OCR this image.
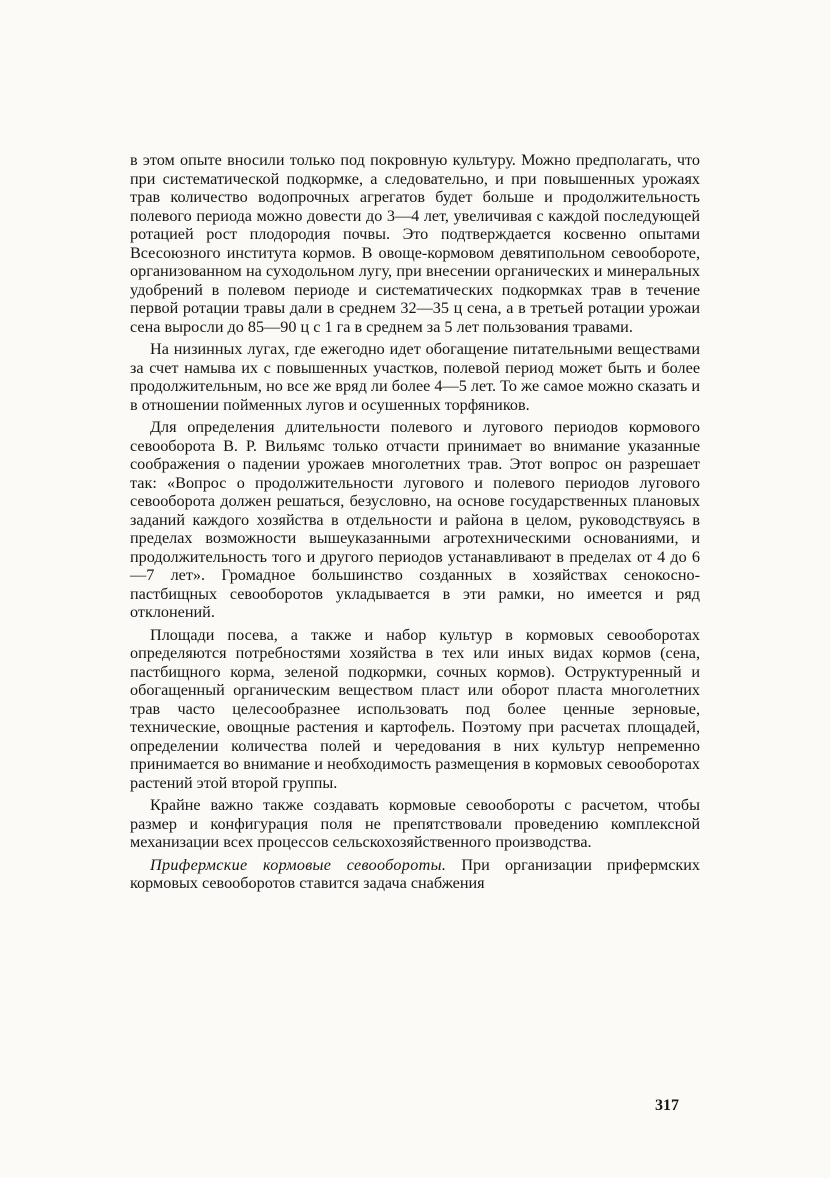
в этом опыте вносили только под покровную культуру. Можно предполагать, что при систематической подкормке, а следовательно, и при повышенных урожаях трав количество водопрочных агрегатов будет больше и продолжительность полевого периода можно довести до 3—4 лет, увеличивая с каждой последующей ротацией рост плодородия почвы. Это подтверждается косвенно опытами Всесоюзного института кормов. В овоще-кормовом девятипольном севообороте, организованном на суходольном лугу, при внесении органических и минеральных удобрений в полевом периоде и систематических подкормках трав в течение первой ротации травы дали в среднем 32—35 ц сена, а в третьей ротации урожаи сена выросли до 85—90 ц с 1 га в среднем за 5 лет пользования травами.

На низинных лугах, где ежегодно идет обогащение питательными веществами за счет намыва их с повышенных участков, полевой период может быть и более продолжительным, но все же вряд ли более 4—5 лет. То же самое можно сказать и в отношении пойменных лугов и осушенных торфяников.

Для определения длительности полевого и лугового периодов кормового севооборота В. Р. Вильямс только отчасти принимает во внимание указанные соображения о падении урожаев многолетних трав. Этот вопрос он разрешает так: «Вопрос о продолжительности лугового и полевого периодов лугового севооборота должен решаться, безусловно, на основе государственных плановых заданий каждого хозяйства в отдельности и района в целом, руководствуясь в пределах возможности вышеуказанными агротехническими основаниями, и продолжительность того и другого периодов устанавливают в пределах от 4 до 6—7 лет». Громадное большинство созданных в хозяйствах сенокосно-пастбищных севооборотов укладывается в эти рамки, но имеется и ряд отклонений.

Площади посева, а также и набор культур в кормовых севооборотах определяются потребностями хозяйства в тех или иных видах кормов (сена, пастбищного корма, зеленой подкормки, сочных кормов). Оструктуренный и обогащенный органическим веществом пласт или оборот пласта многолетних трав часто целесообразнее использовать под более ценные зерновые, технические, овощные растения и картофель. Поэтому при расчетах площадей, определении количества полей и чередования в них культур непременно принимается во внимание и необходимость размещения в кормовых севооборотах растений этой второй группы.

Крайне важно также создавать кормовые севообороты с расчетом, чтобы размер и конфигурация поля не препятствовали проведению комплексной механизации всех процессов сельскохозяйственного производства.

Прифермские кормовые севообороты. При организации прифермских кормовых севооборотов ставится задача снабжения

317
